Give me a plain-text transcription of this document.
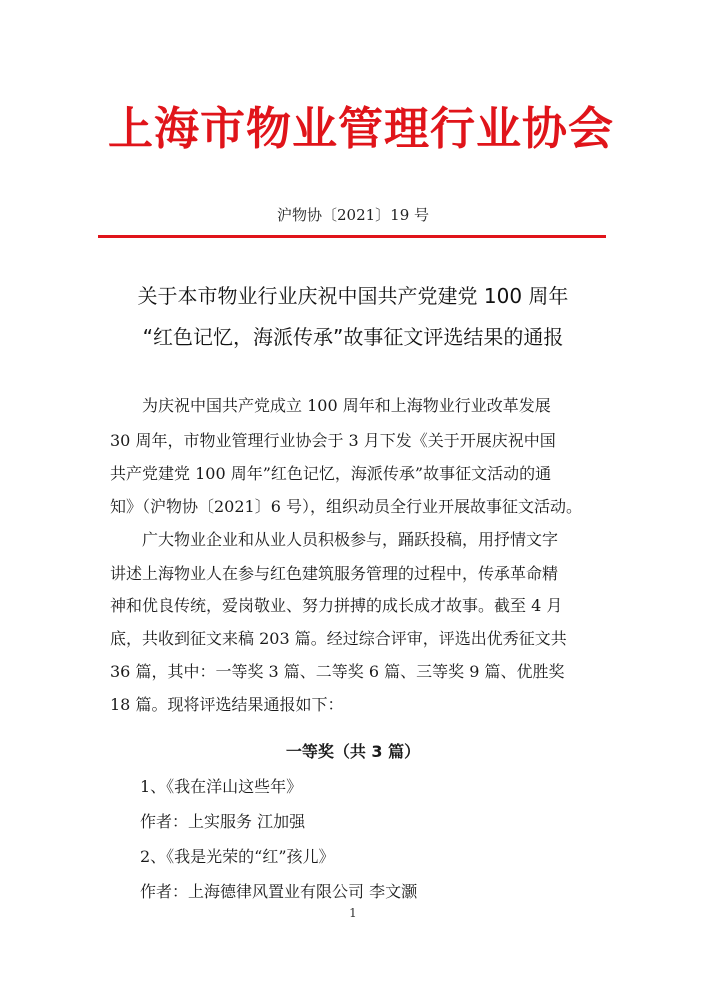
上海市物业管理行业协会
沪物协〔2021〕19 号
关于本市物业行业庆祝中国共产党建党 100 周年
“红色记忆，海派传承”故事征文评选结果的通报
为庆祝中国共产党成立 100 周年和上海物业行业改革发展
30 周年，市物业管理行业协会于 3 月下发《关于开展庆祝中国
共产党建党 100 周年”红色记忆，海派传承”故事征文活动的通
知》（沪物协〔2021〕6 号），组织动员全行业开展故事征文活动。
广大物业企业和从业人员积极参与，踊跃投稿，用抒情文字
讲述上海物业人在参与红色建筑服务管理的过程中，传承革命精
神和优良传统，爱岗敬业、努力拼搏的成长成才故事。截至 4 月
底，共收到征文来稿 203 篇。经过综合评审，评选出优秀征文共
36 篇，其中：一等奖 3 篇、二等奖 6 篇、三等奖 9 篇、优胜奖
18 篇。现将评选结果通报如下：
一等奖（共 3 篇）
1、《我在洋山这些年》
作者：上实服务 江加强
2、《我是光荣的“红”孩儿》
作者：上海德律风置业有限公司 李文灏
1
